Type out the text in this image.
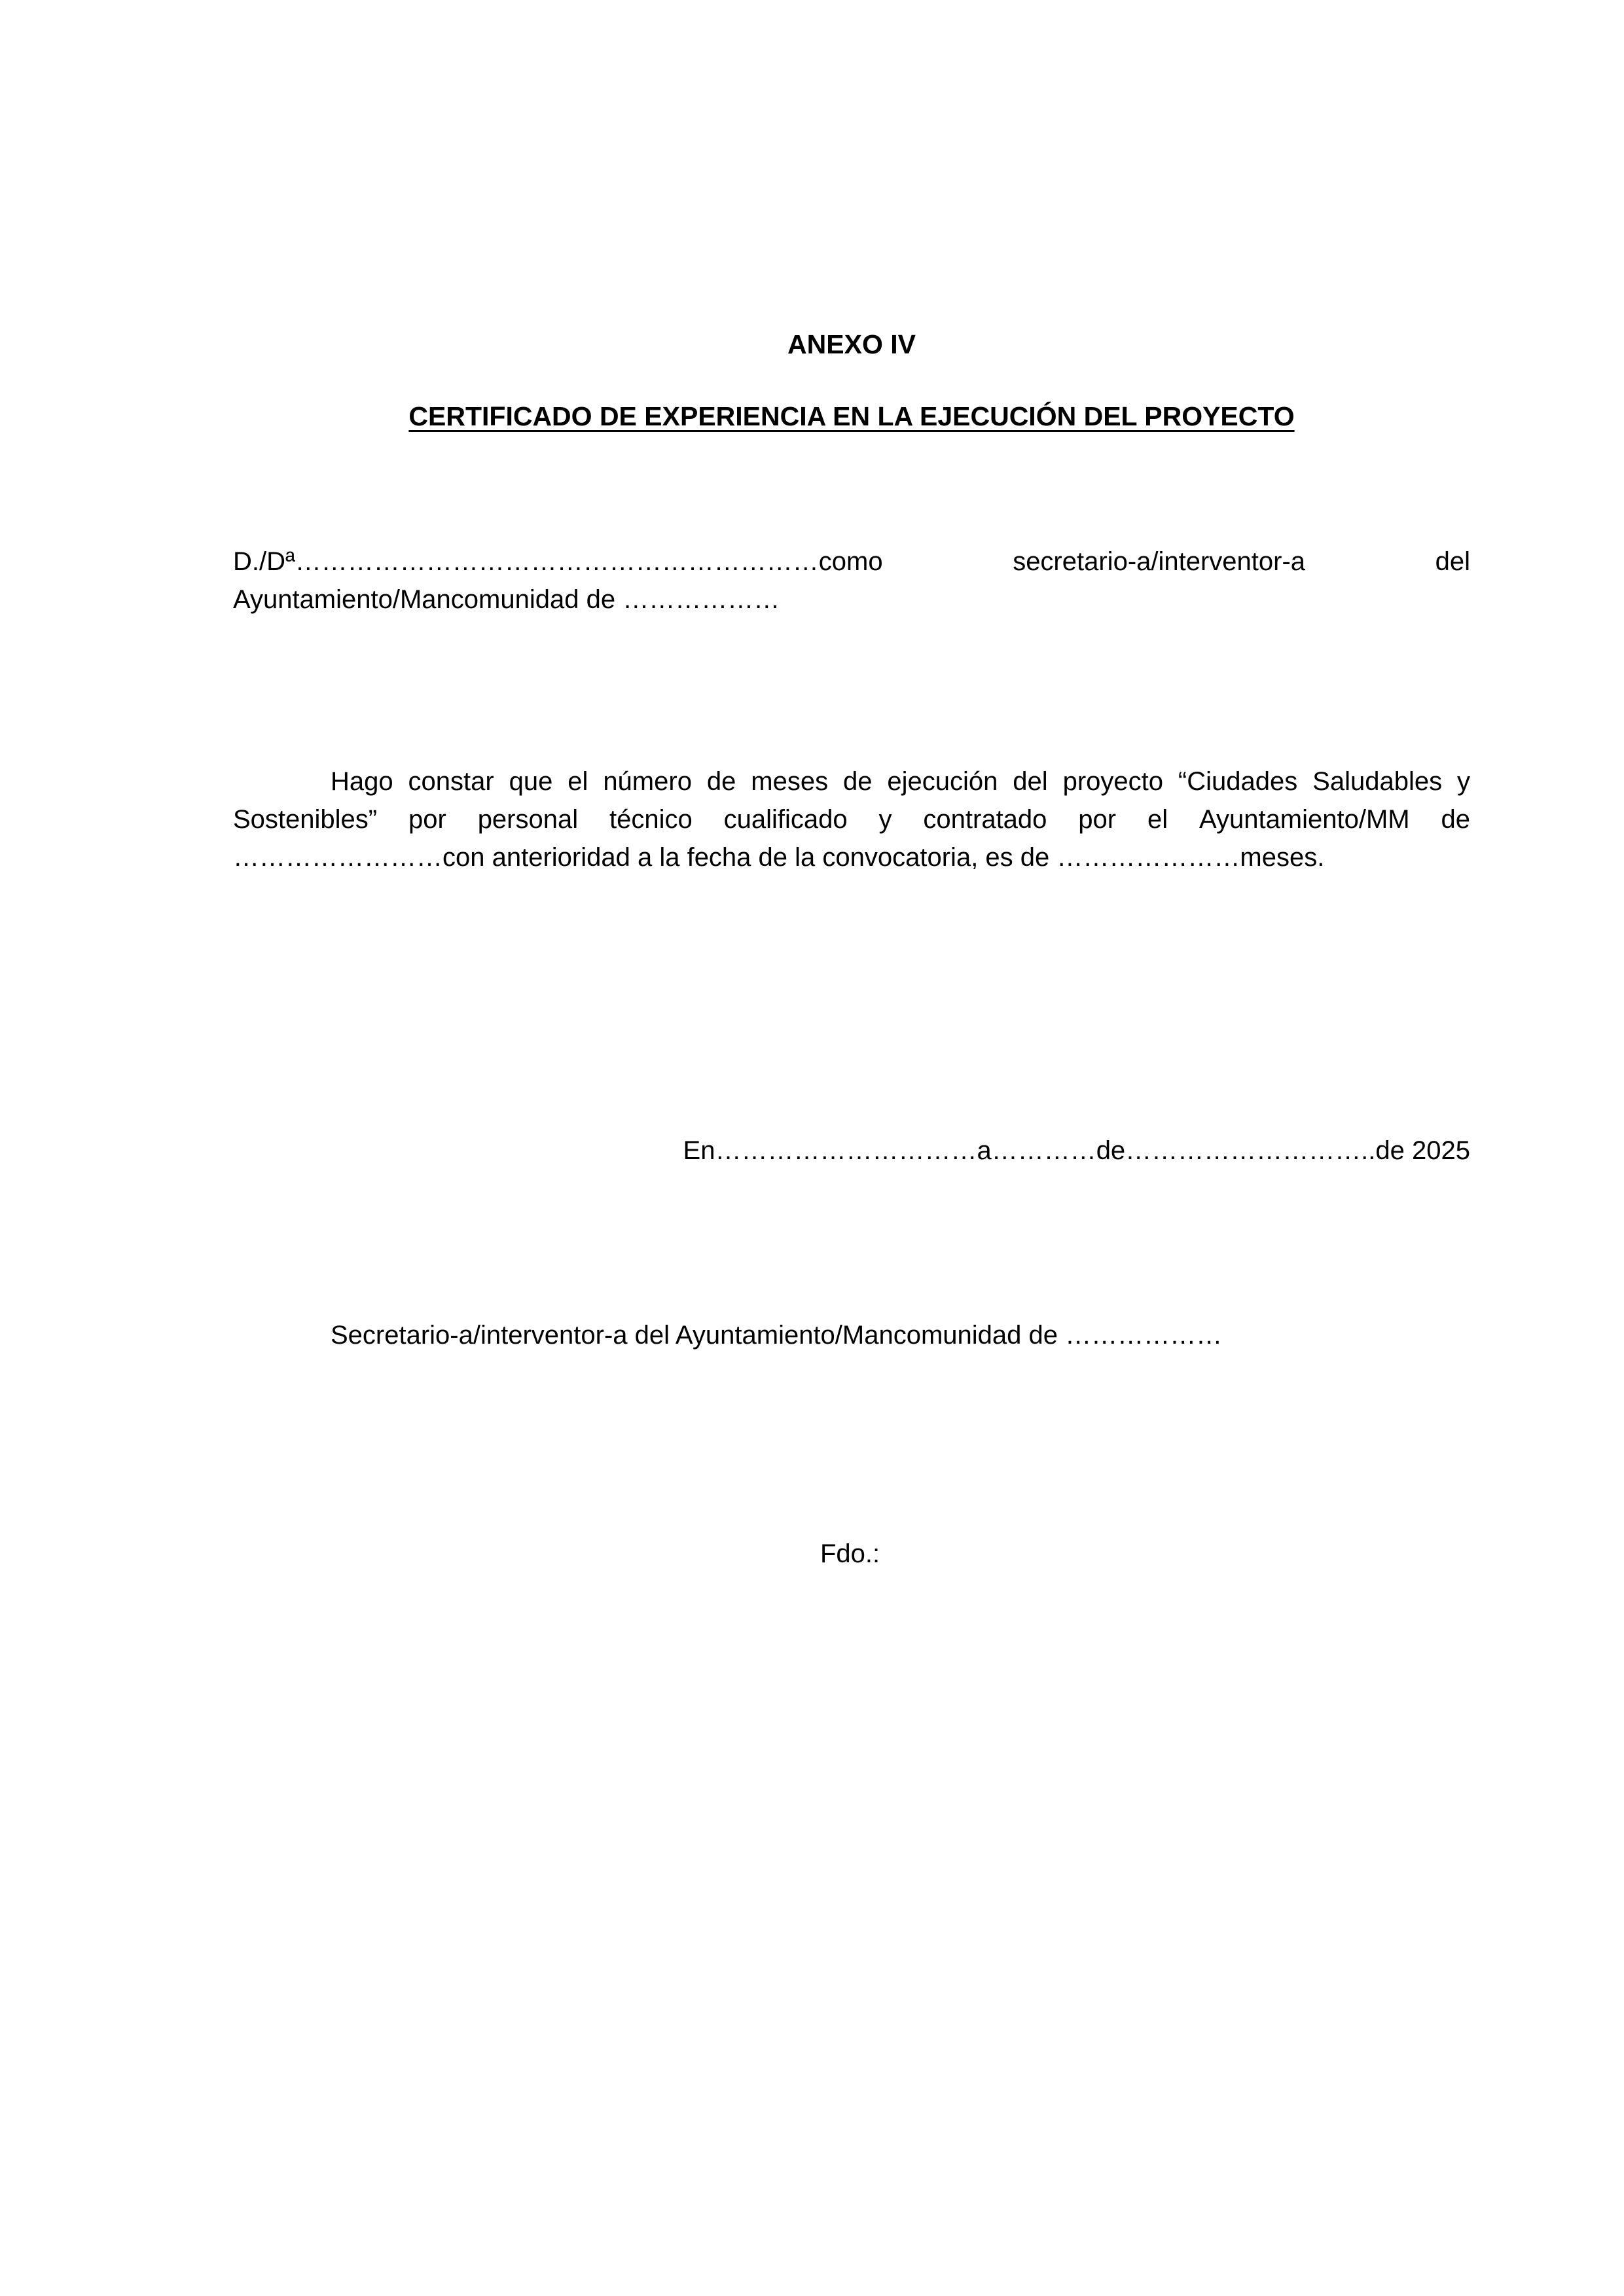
ANEXO IV
CERTIFICADO DE EXPERIENCIA EN LA EJECUCIÓN DEL PROYECTO
D./Dª……………………………………………………como	secretario-a/interventor-a	del
Ayuntamiento/Mancomunidad de ………………
Hago constar que el número de meses de ejecución del proyecto “Ciudades Saludables y
Sostenibles” por personal técnico cualificado y contratado por el Ayuntamiento/MM de
……………………con anterioridad a la fecha de la convocatoria, es de …………………meses.
En…………………………a…………de………………………..de 2025
Secretario-a/interventor-a del Ayuntamiento/Mancomunidad de ………………
Fdo.:
